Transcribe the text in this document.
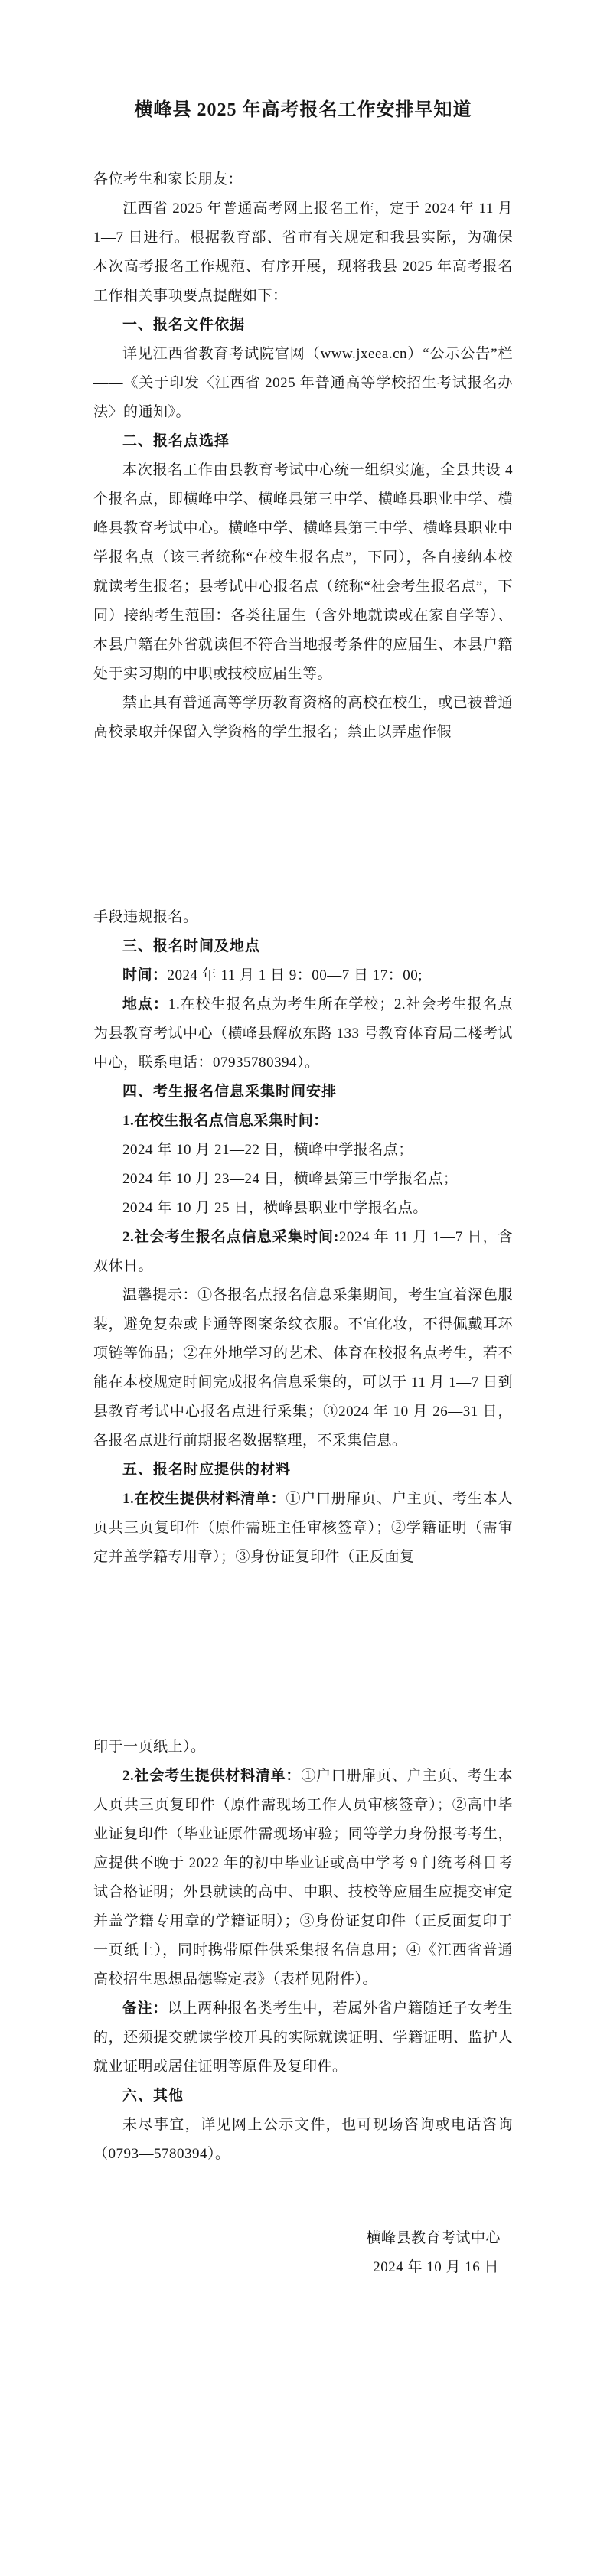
横峰县 2025 年高考报名工作安排早知道

各位考生和家长朋友：

江西省 2025 年普通高考网上报名工作，定于 2024 年 11 月 1—7 日进行。根据教育部、省市有关规定和我县实际，为确保本次高考报名工作规范、有序开展，现将我县 2025 年高考报名工作相关事项要点提醒如下：

一、报名文件依据

详见江西省教育考试院官网（www.jxeea.cn）“公示公告”栏——《关于印发〈江西省 2025 年普通高等学校招生考试报名办法〉的通知》。

二、报名点选择

本次报名工作由县教育考试中心统一组织实施，全县共设 4 个报名点，即横峰中学、横峰县第三中学、横峰县职业中学、横峰县教育考试中心。横峰中学、横峰县第三中学、横峰县职业中学报名点（该三者统称“在校生报名点”，下同），各自接纳本校就读考生报名；县考试中心报名点（统称“社会考生报名点”，下同）接纳考生范围：各类往届生（含外地就读或在家自学等）、本县户籍在外省就读但不符合当地报考条件的应届生、本县户籍处于实习期的中职或技校应届生等。

禁止具有普通高等学历教育资格的高校在校生，或已被普通高校录取并保留入学资格的学生报名；禁止以弄虚作假

手段违规报名。

三、报名时间及地点

时间：2024 年 11 月 1 日 9：00—7 日 17：00;

地点：1.在校生报名点为考生所在学校；2.社会考生报名点为县教育考试中心（横峰县解放东路 133 号教育体育局二楼考试中心，联系电话：07935780394）。

四、考生报名信息采集时间安排

1.在校生报名点信息采集时间：

2024 年 10 月 21—22 日，横峰中学报名点；

2024 年 10 月 23—24 日，横峰县第三中学报名点；

2024 年 10 月 25 日，横峰县职业中学报名点。

2.社会考生报名点信息采集时间:2024 年 11 月 1—7 日，含双休日。

温馨提示：①各报名点报名信息采集期间，考生宜着深色服装，避免复杂或卡通等图案条纹衣服。不宜化妆，不得佩戴耳环项链等饰品；②在外地学习的艺术、体育在校报名点考生，若不能在本校规定时间完成报名信息采集的，可以于 11 月 1—7 日到县教育考试中心报名点进行采集；③2024 年 10 月 26—31 日，各报名点进行前期报名数据整理，不采集信息。

五、报名时应提供的材料

1.在校生提供材料清单：①户口册扉页、户主页、考生本人页共三页复印件（原件需班主任审核签章）；②学籍证明（需审定并盖学籍专用章）；③身份证复印件（正反面复

印于一页纸上）。

2.社会考生提供材料清单：①户口册扉页、户主页、考生本人页共三页复印件（原件需现场工作人员审核签章）；②高中毕业证复印件（毕业证原件需现场审验；同等学力身份报考考生，应提供不晚于 2022 年的初中毕业证或高中学考 9 门统考科目考试合格证明；外县就读的高中、中职、技校等应届生应提交审定并盖学籍专用章的学籍证明）；③身份证复印件（正反面复印于一页纸上），同时携带原件供采集报名信息用；④《江西省普通高校招生思想品德鉴定表》（表样见附件）。

备注：以上两种报名类考生中，若属外省户籍随迁子女考生的，还须提交就读学校开具的实际就读证明、学籍证明、监护人就业证明或居住证明等原件及复印件。

六、其他

未尽事宜，详见网上公示文件，也可现场咨询或电话咨询（0793—5780394）。

横峰县教育考试中心

2024 年 10 月 16 日
